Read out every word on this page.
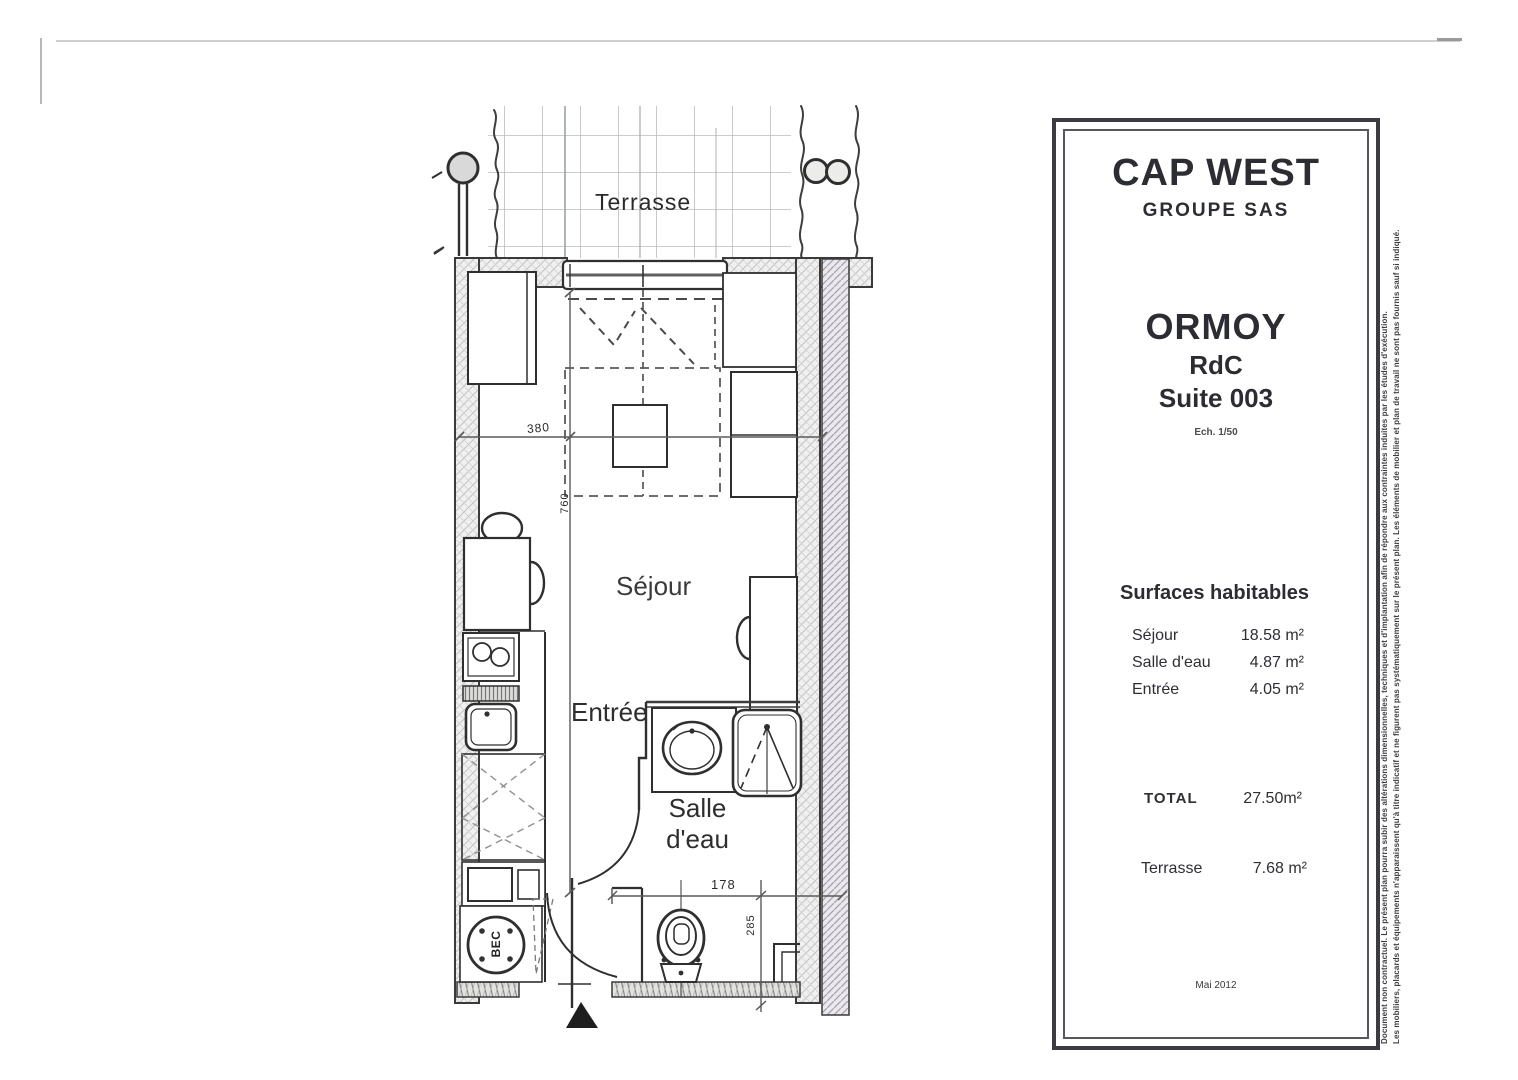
Terrasse
Séjour
Entrée
Salle
d'eau
380
760
178
285
BEC
CAP WEST
GROUPE SAS
ORMOY
RdC
Suite 003
Ech. 1/50
Surfaces habitables
Séjour	18.58 m²
Salle d'eau 4.87 m²
Entrée	4.05 m²
TOTAL	27.50m²
Terrasse	7.68 m²
Mai 2012	Document non contractuel. Le présent plan pourra subir des altérations dimensionnelles, techniques et d'implantation afin de répondre aux contraintes induites par les études d'exécution. Les mobiliers, placards et équipements n'apparaissent qu'à titre indicatif et ne figurent pas systématiquement sur le présent plan. Les éléments de mobilier et plan de travail ne sont pas fournis sauf si indiqué.
